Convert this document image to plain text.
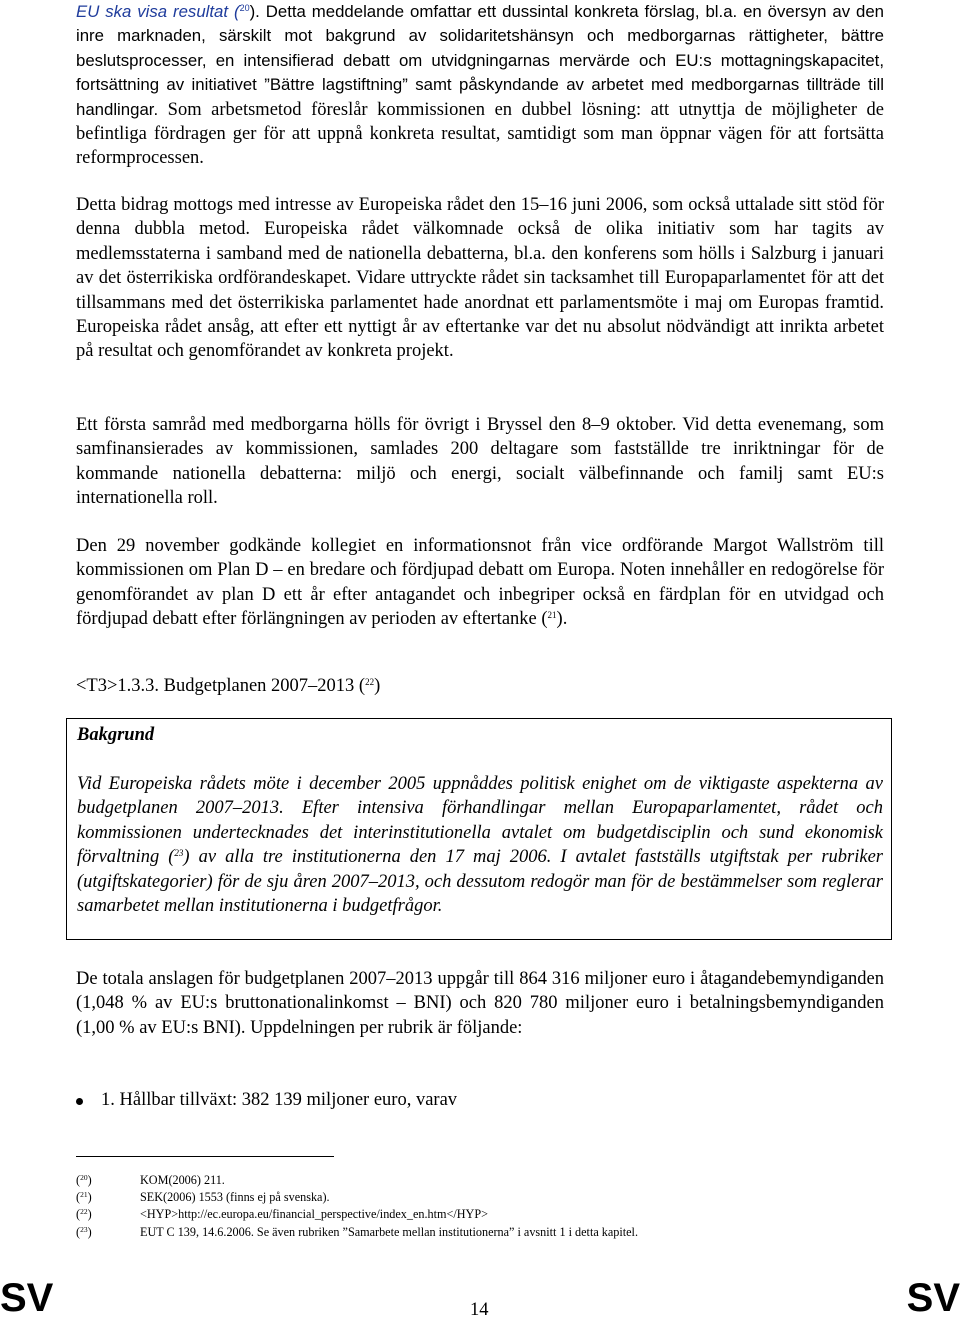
EU ska visa resultat ($^{20}$). Detta meddelande omfattar ett dussintal konkreta förslag, bl.a. en översyn av den inre marknaden, särskilt mot bakgrund av solidaritetshänsyn och medborgarnas rättigheter, bättre beslutsprocesser, en intensifierad debatt om utvidgningarnas mervärde och EU:s mottagningskapacitet, fortsättning av initiativet ”Bättre lagstiftning” samt påskyndande av arbetet med medborgarnas tillträde till handlingar. Som arbetsmetod föreslår kommissionen en dubbel lösning: att utnyttja de möjligheter de befintliga fördragen ger för att uppnå konkreta resultat, samtidigt som man öppnar vägen för att fortsätta reformprocessen.

Detta bidrag mottogs med intresse av Europeiska rådet den 15–16 juni 2006, som också uttalade sitt stöd för denna dubbla metod. Europeiska rådet välkomnade också de olika initiativ som har tagits av medlemsstaterna i samband med de nationella debatterna, bl.a. den konferens som hölls i Salzburg i januari av det österrikiska ordförandeskapet. Vidare uttryckte rådet sin tacksamhet till Europaparlamentet för att det tillsammans med det österrikiska parlamentet hade anordnat ett parlamentsmöte i maj om Europas framtid. Europeiska rådet ansåg, att efter ett nyttigt år av eftertanke var det nu absolut nödvändigt att inrikta arbetet på resultat och genomförandet av konkreta projekt.

Ett första samråd med medborgarna hölls för övrigt i Bryssel den 8–9 oktober. Vid detta evenemang, som samfinansierades av kommissionen, samlades 200 deltagare som fastställde tre inriktningar för de kommande nationella debatterna: miljö och energi, socialt välbefinnande och familj samt EU:s internationella roll.

Den 29 november godkände kollegiet en informationsnot från vice ordförande Margot Wallström till kommissionen om Plan D – en bredare och fördjupad debatt om Europa. Noten innehåller en redogörelse för genomförandet av plan D ett år efter antagandet och inbegriper också en färdplan för en utvidgad och fördjupad debatt efter förlängningen av perioden av eftertanke ($^{21}$).

<T3>1.3.3. Budgetplanen 2007–2013 ($^{22}$)
Bakgrund

Vid Europeiska rådets möte i december 2005 uppnåddes politisk enighet om de viktigaste aspekterna av budgetplanen 2007–2013. Efter intensiva förhandlingar mellan Europaparlamentet, rådet och kommissionen undertecknades det interinstitutionella avtalet om budgetdisciplin och sund ekonomisk förvaltning ($^{23}$) av alla tre institutionerna den 17 maj 2006. I avtalet fastställs utgiftstak per rubriker (utgiftskategorier) för de sju åren 2007–2013, och dessutom redogör man för de bestämmelser som reglerar samarbetet mellan institutionerna i budgetfrågor.

De totala anslagen för budgetplanen 2007–2013 uppgår till 864 316 miljoner euro i åtagandebemyndiganden (1,048 % av EU:s bruttonationalinkomst – BNI) och 820 780 miljoner euro i betalningsbemyndiganden (1,00 % av EU:s BNI). Uppdelningen per rubrik är följande:

1. Hållbar tillväxt: 382 139 miljoner euro, varav
($^{20}$)	KOM(2006) 211.
($^{21}$)	SEK(2006) 1553 (finns ej på svenska).
($^{22}$)	<HYP>http://ec.europa.eu/financial_perspective/index_en.htm</HYP>
($^{23}$)	EUT C 139, 14.6.2006. Se även rubriken ”Samarbete mellan institutionerna” i avsnitt 1 i detta kapitel.
SV	14	SV
